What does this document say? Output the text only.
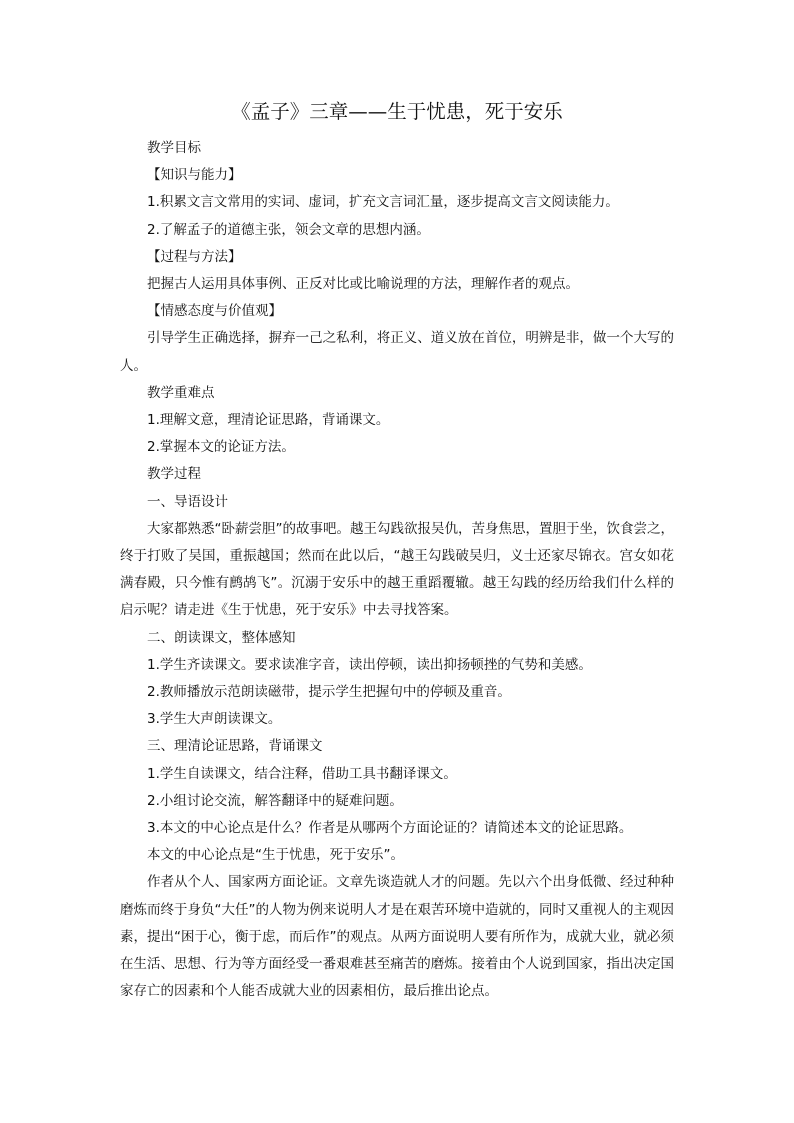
《孟子》三章——生于忧患，死于安乐

教学目标

【知识与能力】

1.积累文言文常用的实词、虚词，扩充文言词汇量，逐步提高文言文阅读能力。

2.了解孟子的道德主张，领会文章的思想内涵。

【过程与方法】

把握古人运用具体事例、正反对比或比喻说理的方法，理解作者的观点。

【情感态度与价值观】

引导学生正确选择，摒弃一己之私利，将正义、道义放在首位，明辨是非，做一个大写的人。

教学重难点

1.理解文意，理清论证思路，背诵课文。

2.掌握本文的论证方法。

教学过程

一、导语设计

大家都熟悉“卧薪尝胆”的故事吧。越王勾践欲报吴仇，苦身焦思，置胆于坐，饮食尝之，终于打败了吴国，重振越国；然而在此以后，“越王勾践破吴归，义士还家尽锦衣。宫女如花满春殿，只今惟有鹧鸪飞”。沉溺于安乐中的越王重蹈覆辙。越王勾践的经历给我们什么样的启示呢？请走进《生于忧患，死于安乐》中去寻找答案。

二、朗读课文，整体感知

1.学生齐读课文。要求读准字音，读出停顿，读出抑扬顿挫的气势和美感。

2.教师播放示范朗读磁带，提示学生把握句中的停顿及重音。

3.学生大声朗读课文。

三、理清论证思路，背诵课文

1.学生自读课文，结合注释，借助工具书翻译课文。

2.小组讨论交流，解答翻译中的疑难问题。

3.本文的中心论点是什么？作者是从哪两个方面论证的？请简述本文的论证思路。

本文的中心论点是“生于忧患，死于安乐”。

作者从个人、国家两方面论证。文章先谈造就人才的问题。先以六个出身低微、经过种种磨炼而终于身负“大任”的人物为例来说明人才是在艰苦环境中造就的，同时又重视人的主观因素，提出“困于心，衡于虑，而后作”的观点。从两方面说明人要有所作为，成就大业，就必须在生活、思想、行为等方面经受一番艰难甚至痛苦的磨炼。接着由个人说到国家，指出决定国家存亡的因素和个人能否成就大业的因素相仿，最后推出论点。
